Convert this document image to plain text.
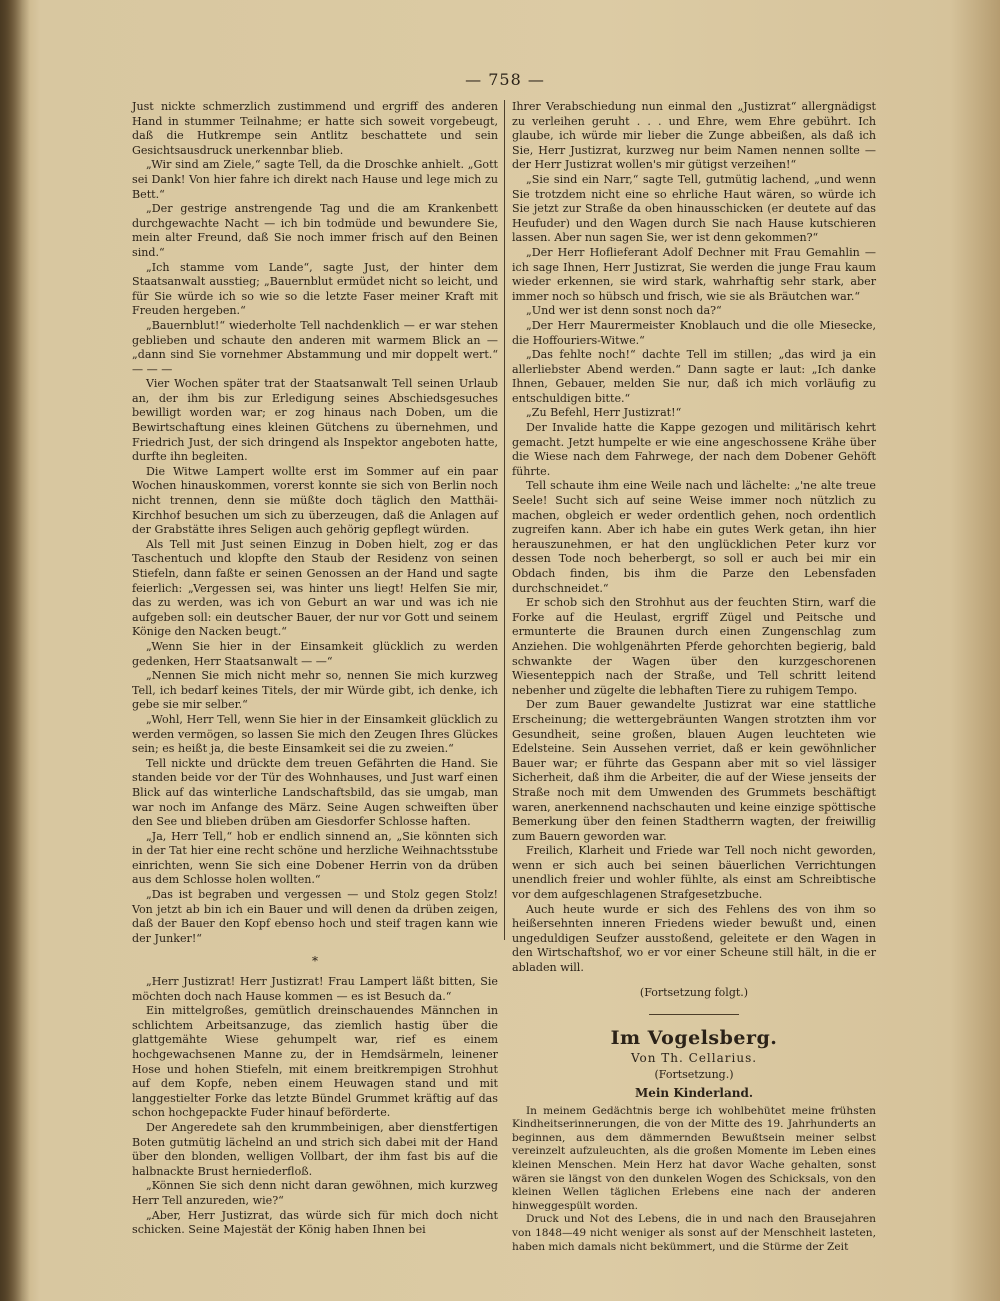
— 758 —

Just nickte schmerzlich zustimmend und ergriff des anderen Hand in stummer Teilnahme; er hatte sich soweit vorgebeugt, daß die Hutkrempe sein Antlitz beschattete und sein Gesichtsausdruck unerkennbar blieb.

„Wir sind am Ziele,“ sagte Tell, da die Droschke anhielt. „Gott sei Dank! Von hier fahre ich direkt nach Hause und lege mich zu Bett.“

„Der gestrige anstrengende Tag und die am Krankenbett durchgewachte Nacht — ich bin todmüde und bewundere Sie, mein alter Freund, daß Sie noch immer frisch auf den Beinen sind.“

„Ich stamme vom Lande“, sagte Just, der hinter dem Staatsanwalt ausstieg; „Bauernblut ermüdet nicht so leicht, und für Sie würde ich so wie so die letzte Faser meiner Kraft mit Freuden hergeben.“

„Bauernblut!“ wiederholte Tell nachdenklich — er war stehen geblieben und schaute den anderen mit warmem Blick an — „dann sind Sie vornehmer Abstammung und mir doppelt wert.“ — — —

Vier Wochen später trat der Staatsanwalt Tell seinen Urlaub an, der ihm bis zur Erledigung seines Abschiedsgesuches bewilligt worden war; er zog hinaus nach Doben, um die Bewirtschaftung eines kleinen Gütchens zu übernehmen, und Friedrich Just, der sich dringend als Inspektor angeboten hatte, durfte ihn begleiten.

Die Witwe Lampert wollte erst im Sommer auf ein paar Wochen hinauskommen, vorerst konnte sie sich von Berlin noch nicht trennen, denn sie müßte doch täglich den Matthäi-Kirchhof besuchen um sich zu überzeugen, daß die Anlagen auf der Grabstätte ihres Seligen auch gehörig gepflegt würden.

Als Tell mit Just seinen Einzug in Doben hielt, zog er das Taschentuch und klopfte den Staub der Residenz von seinen Stiefeln, dann faßte er seinen Genossen an der Hand und sagte feierlich: „Vergessen sei, was hinter uns liegt! Helfen Sie mir, das zu werden, was ich von Geburt an war und was ich nie aufgeben soll: ein deutscher Bauer, der nur vor Gott und seinem Könige den Nacken beugt.“

„Wenn Sie hier in der Einsamkeit glücklich zu werden gedenken, Herr Staatsanwalt — —“

„Nennen Sie mich nicht mehr so, nennen Sie mich kurzweg Tell, ich bedarf keines Titels, der mir Würde gibt, ich denke, ich gebe sie mir selber.“

„Wohl, Herr Tell, wenn Sie hier in der Einsamkeit glücklich zu werden vermögen, so lassen Sie mich den Zeugen Ihres Glückes sein; es heißt ja, die beste Einsamkeit sei die zu zweien.“

Tell nickte und drückte dem treuen Gefährten die Hand. Sie standen beide vor der Tür des Wohnhauses, und Just warf einen Blick auf das winterliche Landschaftsbild, das sie umgab, man war noch im Anfange des März. Seine Augen schweiften über den See und blieben drüben am Giesdorfer Schlosse haften.

„Ja, Herr Tell,“ hob er endlich sinnend an, „Sie könnten sich in der Tat hier eine recht schöne und herzliche Weihnachtsstube einrichten, wenn Sie sich eine Dobener Herrin von da drüben aus dem Schlosse holen wollten.“

„Das ist begraben und vergessen — und Stolz gegen Stolz! Von jetzt ab bin ich ein Bauer und will denen da drüben zeigen, daß der Bauer den Kopf ebenso hoch und steif tragen kann wie der Junker!“

*

„Herr Justizrat! Herr Justizrat! Frau Lampert läßt bitten, Sie möchten doch nach Hause kommen — es ist Besuch da.“

Ein mittelgroßes, gemütlich dreinschauendes Männchen in schlichtem Arbeitsanzuge, das ziemlich hastig über die glattgemähte Wiese gehumpelt war, rief es einem hochgewachsenen Manne zu, der in Hemdsärmeln, leinener Hose und hohen Stiefeln, mit einem breitkrempigen Strohhut auf dem Kopfe, neben einem Heuwagen stand und mit langgestielter Forke das letzte Bündel Grummet kräftig auf das schon hochgepackte Fuder hinauf beförderte.

Der Angeredete sah den krummbeinigen, aber dienstfertigen Boten gutmütig lächelnd an und strich sich dabei mit der Hand über den blonden, welligen Vollbart, der ihm fast bis auf die halbnackte Brust herniederfloß.

„Können Sie sich denn nicht daran gewöhnen, mich kurzweg Herr Tell anzureden, wie?“

„Aber, Herr Justizrat, das würde sich für mich doch nicht schicken. Seine Majestät der König haben Ihnen bei

Ihrer Verabschiedung nun einmal den „Justizrat“ allergnädigst zu verleihen geruht . . . und Ehre, wem Ehre gebührt. Ich glaube, ich würde mir lieber die Zunge abbeißen, als daß ich Sie, Herr Justizrat, kurzweg nur beim Namen nennen sollte — der Herr Justizrat wollen's mir gütigst verzeihen!“

„Sie sind ein Narr,“ sagte Tell, gutmütig lachend, „und wenn Sie trotzdem nicht eine so ehrliche Haut wären, so würde ich Sie jetzt zur Straße da oben hinausschicken (er deutete auf das Heufuder) und den Wagen durch Sie nach Hause kutschieren lassen. Aber nun sagen Sie, wer ist denn gekommen?“

„Der Herr Hoflieferant Adolf Dechner mit Frau Gemahlin — ich sage Ihnen, Herr Justizrat, Sie werden die junge Frau kaum wieder erkennen, sie wird stark, wahrhaftig sehr stark, aber immer noch so hübsch und frisch, wie sie als Bräutchen war.“

„Und wer ist denn sonst noch da?“

„Der Herr Maurermeister Knoblauch und die olle Miesecke, die Hoffouriers-Witwe.“

„Das fehlte noch!“ dachte Tell im stillen; „das wird ja ein allerliebster Abend werden.“ Dann sagte er laut: „Ich danke Ihnen, Gebauer, melden Sie nur, daß ich mich vorläufig zu entschuldigen bitte.“

„Zu Befehl, Herr Justizrat!“

Der Invalide hatte die Kappe gezogen und militärisch kehrt gemacht. Jetzt humpelte er wie eine angeschossene Krähe über die Wiese nach dem Fahrwege, der nach dem Dobener Gehöft führte.

Tell schaute ihm eine Weile nach und lächelte: „'ne alte treue Seele! Sucht sich auf seine Weise immer noch nützlich zu machen, obgleich er weder ordentlich gehen, noch ordentlich zugreifen kann. Aber ich habe ein gutes Werk getan, ihn hier herauszunehmen, er hat den unglücklichen Peter kurz vor dessen Tode noch beherbergt, so soll er auch bei mir ein Obdach finden, bis ihm die Parze den Lebensfaden durchschneidet.“

Er schob sich den Strohhut aus der feuchten Stirn, warf die Forke auf die Heulast, ergriff Zügel und Peitsche und ermunterte die Braunen durch einen Zungenschlag zum Anziehen. Die wohlgenährten Pferde gehorchten begierig, bald schwankte der Wagen über den kurzgeschorenen Wiesenteppich nach der Straße, und Tell schritt leitend nebenher und zügelte die lebhaften Tiere zu ruhigem Tempo.

Der zum Bauer gewandelte Justizrat war eine stattliche Erscheinung; die wettergebräunten Wangen strotzten ihm vor Gesundheit, seine großen, blauen Augen leuchteten wie Edelsteine. Sein Aussehen verriet, daß er kein gewöhnlicher Bauer war; er führte das Gespann aber mit so viel lässiger Sicherheit, daß ihm die Arbeiter, die auf der Wiese jenseits der Straße noch mit dem Umwenden des Grummets beschäftigt waren, anerkennend nachschauten und keine einzige spöttische Bemerkung über den feinen Stadtherrn wagten, der freiwillig zum Bauern geworden war.

Freilich, Klarheit und Friede war Tell noch nicht geworden, wenn er sich auch bei seinen bäuerlichen Verrichtungen unendlich freier und wohler fühlte, als einst am Schreibtische vor dem aufgeschlagenen Strafgesetzbuche.

Auch heute wurde er sich des Fehlens des von ihm so heißersehnten inneren Friedens wieder bewußt und, einen ungeduldigen Seufzer ausstoßend, geleitete er den Wagen in den Wirtschaftshof, wo er vor einer Scheune still hält, in die er abladen will.

(Fortsetzung folgt.)
Im Vogelsberg.
Von Th. Cellarius.
(Fortsetzung.)
Mein Kinderland.

In meinem Gedächtnis berge ich wohlbehütet meine frühsten Kindheitserinnerungen, die von der Mitte des 19. Jahrhunderts an beginnen, aus dem dämmernden Bewußtsein meiner selbst vereinzelt aufzuleuchten, als die großen Momente im Leben eines kleinen Menschen. Mein Herz hat davor Wache gehalten, sonst wären sie längst von den dunkelen Wogen des Schicksals, von den kleinen Wellen täglichen Erlebens eine nach der anderen hinweggespült worden.

Druck und Not des Lebens, die in und nach den Brausejahren von 1848—49 nicht weniger als sonst auf der Menschheit lasteten, haben mich damals nicht bekümmert, und die Stürme der Zeit
